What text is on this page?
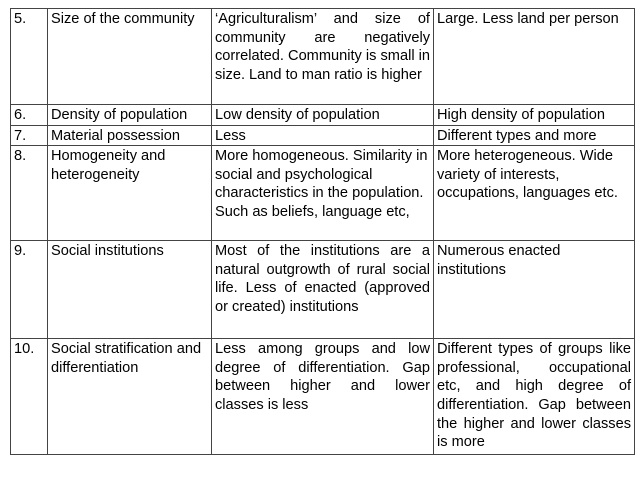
5.	Size of the community	‘Agriculturalism’ and size of community are negatively correlated. Community is small in size. Land to man ratio is higher	Large. Less land per person
6.	Density of population	Low density of population	High density of population
7.	Material possession	Less	Different types and more
8.	Homogeneity and heterogeneity	More homogeneous. Similarity in social and psychological characteristics in the population. Such as beliefs, language etc,	More heterogeneous. Wide variety of interests, occupations, languages etc.
9.	Social institutions	Most of the institutions are a natural outgrowth of rural social life. Less of enacted (approved or created) institutions	Numerous enacted institutions
10.	Social stratification and differentiation	Less among groups and low degree of differentiation. Gap between higher and lower classes is less	Different types of groups like professional, occupational etc, and high degree of differentiation. Gap between the higher and lower classes is more
